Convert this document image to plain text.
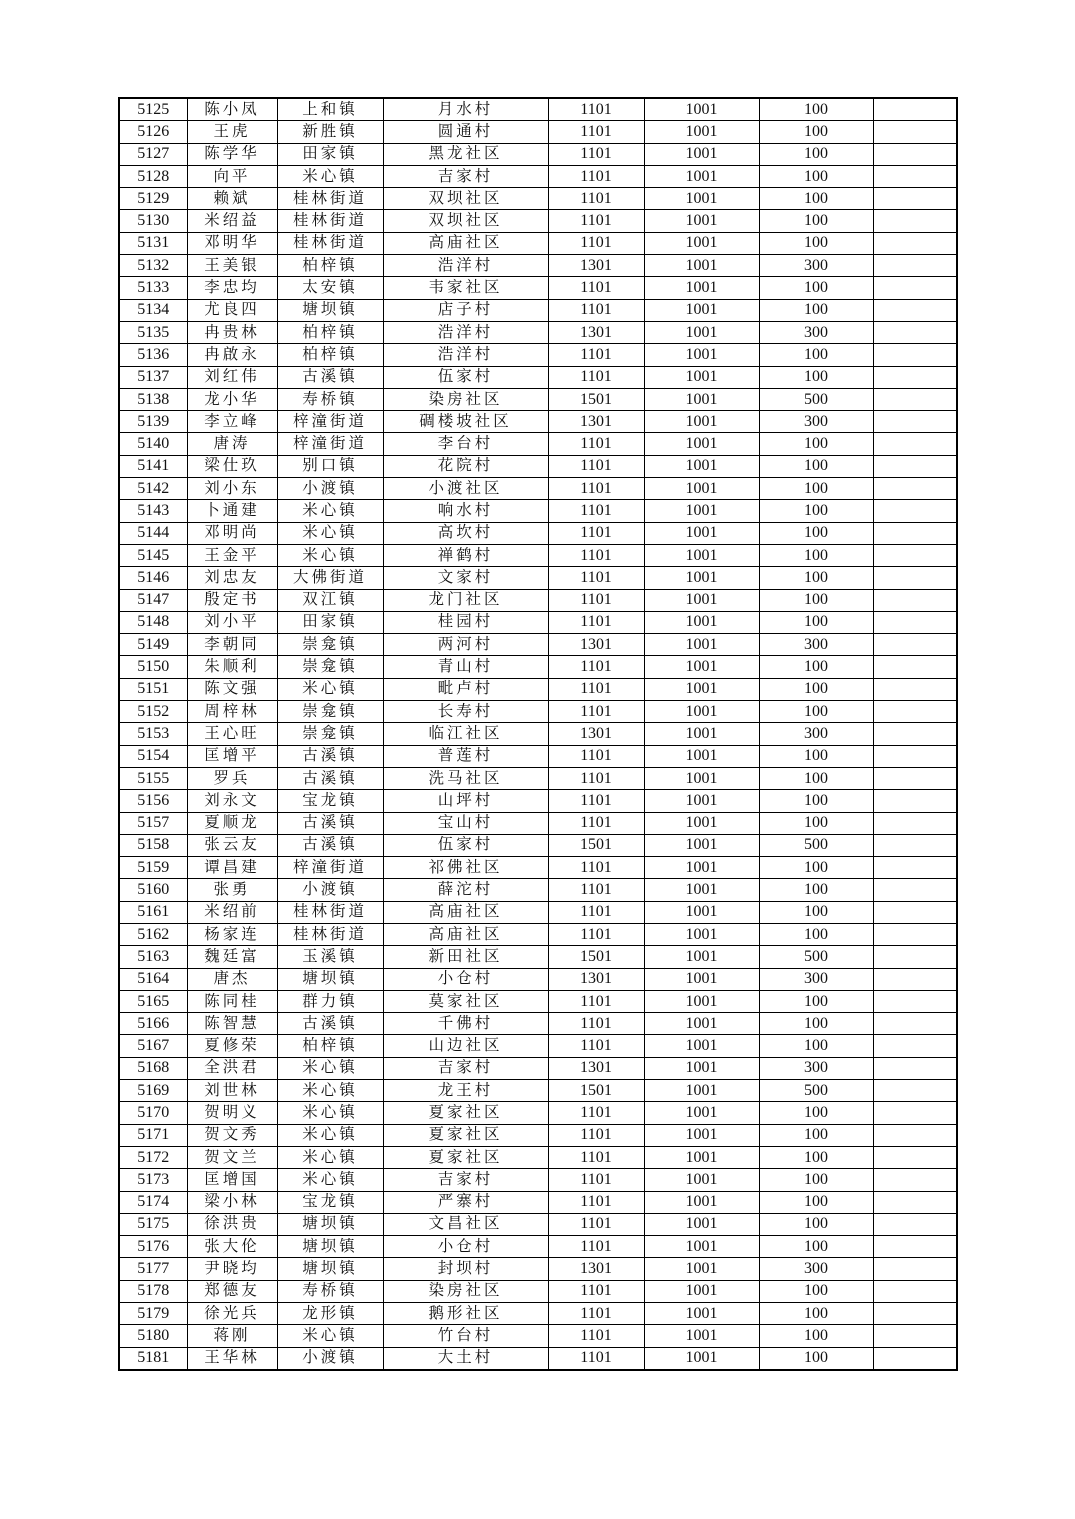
5125	陈小凤	上和镇	月水村	1101	1001	100	
5126	王虎	新胜镇	圆通村	1101	1001	100	
5127	陈学华	田家镇	黑龙社区	1101	1001	100	
5128	向平	米心镇	吉家村	1101	1001	100	
5129	赖斌	桂林街道	双坝社区	1101	1001	100	
5130	米绍益	桂林街道	双坝社区	1101	1001	100	
5131	邓明华	桂林街道	高庙社区	1101	1001	100	
5132	王美银	柏梓镇	浩洋村	1301	1001	300	
5133	李忠均	太安镇	韦家社区	1101	1001	100	
5134	尤良四	塘坝镇	店子村	1101	1001	100	
5135	冉贵林	柏梓镇	浩洋村	1301	1001	300	
5136	冉啟永	柏梓镇	浩洋村	1101	1001	100	
5137	刘红伟	古溪镇	伍家村	1101	1001	100	
5138	龙小华	寿桥镇	染房社区	1501	1001	500	
5139	李立峰	梓潼街道	碉楼坡社区	1301	1001	300	
5140	唐涛	梓潼街道	李台村	1101	1001	100	
5141	梁仕玖	别口镇	花院村	1101	1001	100	
5142	刘小东	小渡镇	小渡社区	1101	1001	100	
5143	卜通建	米心镇	响水村	1101	1001	100	
5144	邓明尚	米心镇	高坎村	1101	1001	100	
5145	王金平	米心镇	禅鹤村	1101	1001	100	
5146	刘忠友	大佛街道	文家村	1101	1001	100	
5147	殷定书	双江镇	龙门社区	1101	1001	100	
5148	刘小平	田家镇	桂园村	1101	1001	100	
5149	李朝同	崇龛镇	两河村	1301	1001	300	
5150	朱顺利	崇龛镇	青山村	1101	1001	100	
5151	陈文强	米心镇	毗卢村	1101	1001	100	
5152	周梓林	崇龛镇	长寿村	1101	1001	100	
5153	王心旺	崇龛镇	临江社区	1301	1001	300	
5154	匡增平	古溪镇	普莲村	1101	1001	100	
5155	罗兵	古溪镇	洗马社区	1101	1001	100	
5156	刘永文	宝龙镇	山坪村	1101	1001	100	
5157	夏顺龙	古溪镇	宝山村	1101	1001	100	
5158	张云友	古溪镇	伍家村	1501	1001	500	
5159	谭昌建	梓潼街道	祁佛社区	1101	1001	100	
5160	张勇	小渡镇	薛沱村	1101	1001	100	
5161	米绍前	桂林街道	高庙社区	1101	1001	100	
5162	杨家连	桂林街道	高庙社区	1101	1001	100	
5163	魏廷富	玉溪镇	新田社区	1501	1001	500	
5164	唐杰	塘坝镇	小仓村	1301	1001	300	
5165	陈同桂	群力镇	莫家社区	1101	1001	100	
5166	陈智慧	古溪镇	千佛村	1101	1001	100	
5167	夏修荣	柏梓镇	山边社区	1101	1001	100	
5168	全洪君	米心镇	吉家村	1301	1001	300	
5169	刘世林	米心镇	龙王村	1501	1001	500	
5170	贺明义	米心镇	夏家社区	1101	1001	100	
5171	贺文秀	米心镇	夏家社区	1101	1001	100	
5172	贺文兰	米心镇	夏家社区	1101	1001	100	
5173	匡增国	米心镇	吉家村	1101	1001	100	
5174	梁小林	宝龙镇	严寨村	1101	1001	100	
5175	徐洪贵	塘坝镇	文昌社区	1101	1001	100	
5176	张大伦	塘坝镇	小仓村	1101	1001	100	
5177	尹晓均	塘坝镇	封坝村	1301	1001	300	
5178	郑德友	寿桥镇	染房社区	1101	1001	100	
5179	徐光兵	龙形镇	鹅形社区	1101	1001	100	
5180	蒋刚	米心镇	竹台村	1101	1001	100	
5181	王华林	小渡镇	大土村	1101	1001	100	
